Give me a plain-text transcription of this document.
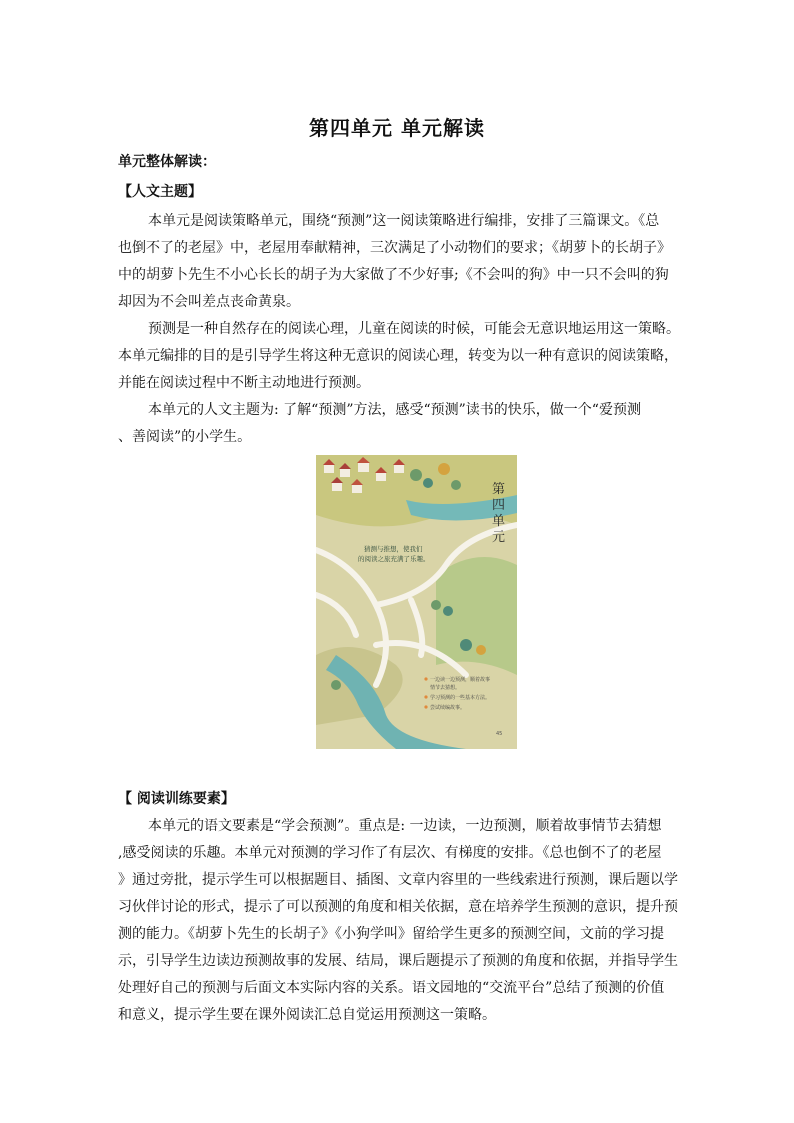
第四单元 单元解读
单元整体解读：
【人文主题】
本单元是阅读策略单元，围绕“预测”这一阅读策略进行编排，安排了三篇课文。《总
也倒不了的老屋》中，老屋用奉献精神，三次满足了小动物们的要求；《胡萝卜的长胡子》
中的胡萝卜先生不小心长长的胡子为大家做了不少好事;《不会叫的狗》中一只不会叫的狗
却因为不会叫差点丧命黄泉。
预测是一种自然存在的阅读心理，儿童在阅读的时候，可能会无意识地运用这一策略。
本单元编排的目的是引导学生将这种无意识的阅读心理，转变为以一种有意识的阅读策略，
并能在阅读过程中不断主动地进行预测。
本单元的人文主题为: 了解“预测”方法，感受“预测”读书的快乐，做一个“爱预测
、善阅读”的小学生。
第
四
单
元
猜测与推想，使我们
的阅读之旅充满了乐趣。
一边读一边预测，顺着故事
情节去猜想。
学习预测的一些基本方法。
尝试续编故事。
45
【 阅读训练要素】
本单元的语文要素是“学会预测”。重点是: 一边读，一边预测，顺着故事情节去猜想
,感受阅读的乐趣。本单元对预测的学习作了有层次、有梯度的安排。《总也倒不了的老屋
》通过旁批，提示学生可以根据题目、插图、文章内容里的一些线索进行预测，课后题以学
习伙伴讨论的形式，提示了可以预测的角度和相关依据，意在培养学生预测的意识，提升预
测的能力。《胡萝卜先生的长胡子》《小狗学叫》留给学生更多的预测空间，文前的学习提
示，引导学生边读边预测故事的发展、结局，课后题提示了预测的角度和依据，并指导学生
处理好自己的预测与后面文本实际内容的关系。语文园地的“交流平台”总结了预测的价值
和意义，提示学生要在课外阅读汇总自觉运用预测这一策略。
